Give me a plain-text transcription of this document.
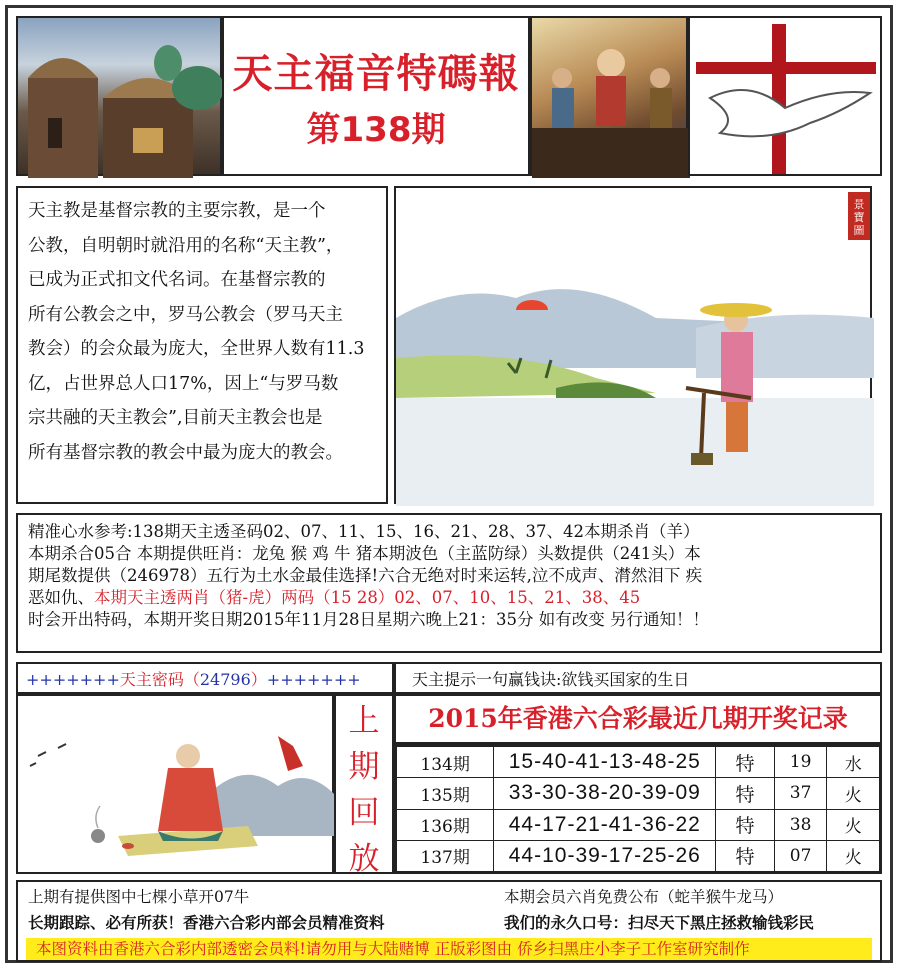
天主福音特碼報
第138期

天主教是基督宗教的主要宗教，是一个

公教，自明朝时就沿用的名称“天主教”，

已成为正式扣文代名词。在基督宗教的

所有公教会之中，罗马公教会（罗马天主

教会）的会众最为庞大，全世界人数有11.3

亿，占世界总人口17%，因上“与罗马数

宗共融的天主教会”,目前天主教会也是

所有基督宗教的教会中最为庞大的教会。

景
寶
圖

精准心水参考:138期天主透圣码02、07、11、15、16、21、28、37、42本期杀肖（羊）

本期杀合05合 本期提供旺肖：龙兔 猴 鸡 牛 猪本期波色（主蓝防绿）头数提供（241头）本

期尾数提供（246978）五行为土水金最佳选择!六合无绝对时来运转,泣不成声、潸然泪下 疾

恶如仇、本期天主透两肖（猪-虎）两码（15 28）02、07、10、15、21、38、45

时会开出特码，本期开奖日期2015年11月28日星期六晚上21：35分 如有改变 另行通知！！

+++++++天主密码（24796）+++++++	天主提示一句赢钱诀:欲钱买国家的生日
上
期
回
放
2015年香港六合彩最近几期开奖记录
134期	15-40-41-13-48-25	特	19	水
135期	33-30-38-20-39-09	特	37	火
136期	44-17-21-41-36-22	特	38	火
137期	44-10-39-17-25-26	特	07	火
上期有提供图中七棵小草开07牛	本期会员六肖免费公布（蛇羊猴牛龙马）
长期跟踪、必有所获！香港六合彩内部会员精准资料	我们的永久口号：扫尽天下黑庄拯救输钱彩民
本图资料由香港六合彩内部透密会员料!请勿用与大陆赌博 正版彩图由 侨乡扫黑庄小李子工作室研究制作
